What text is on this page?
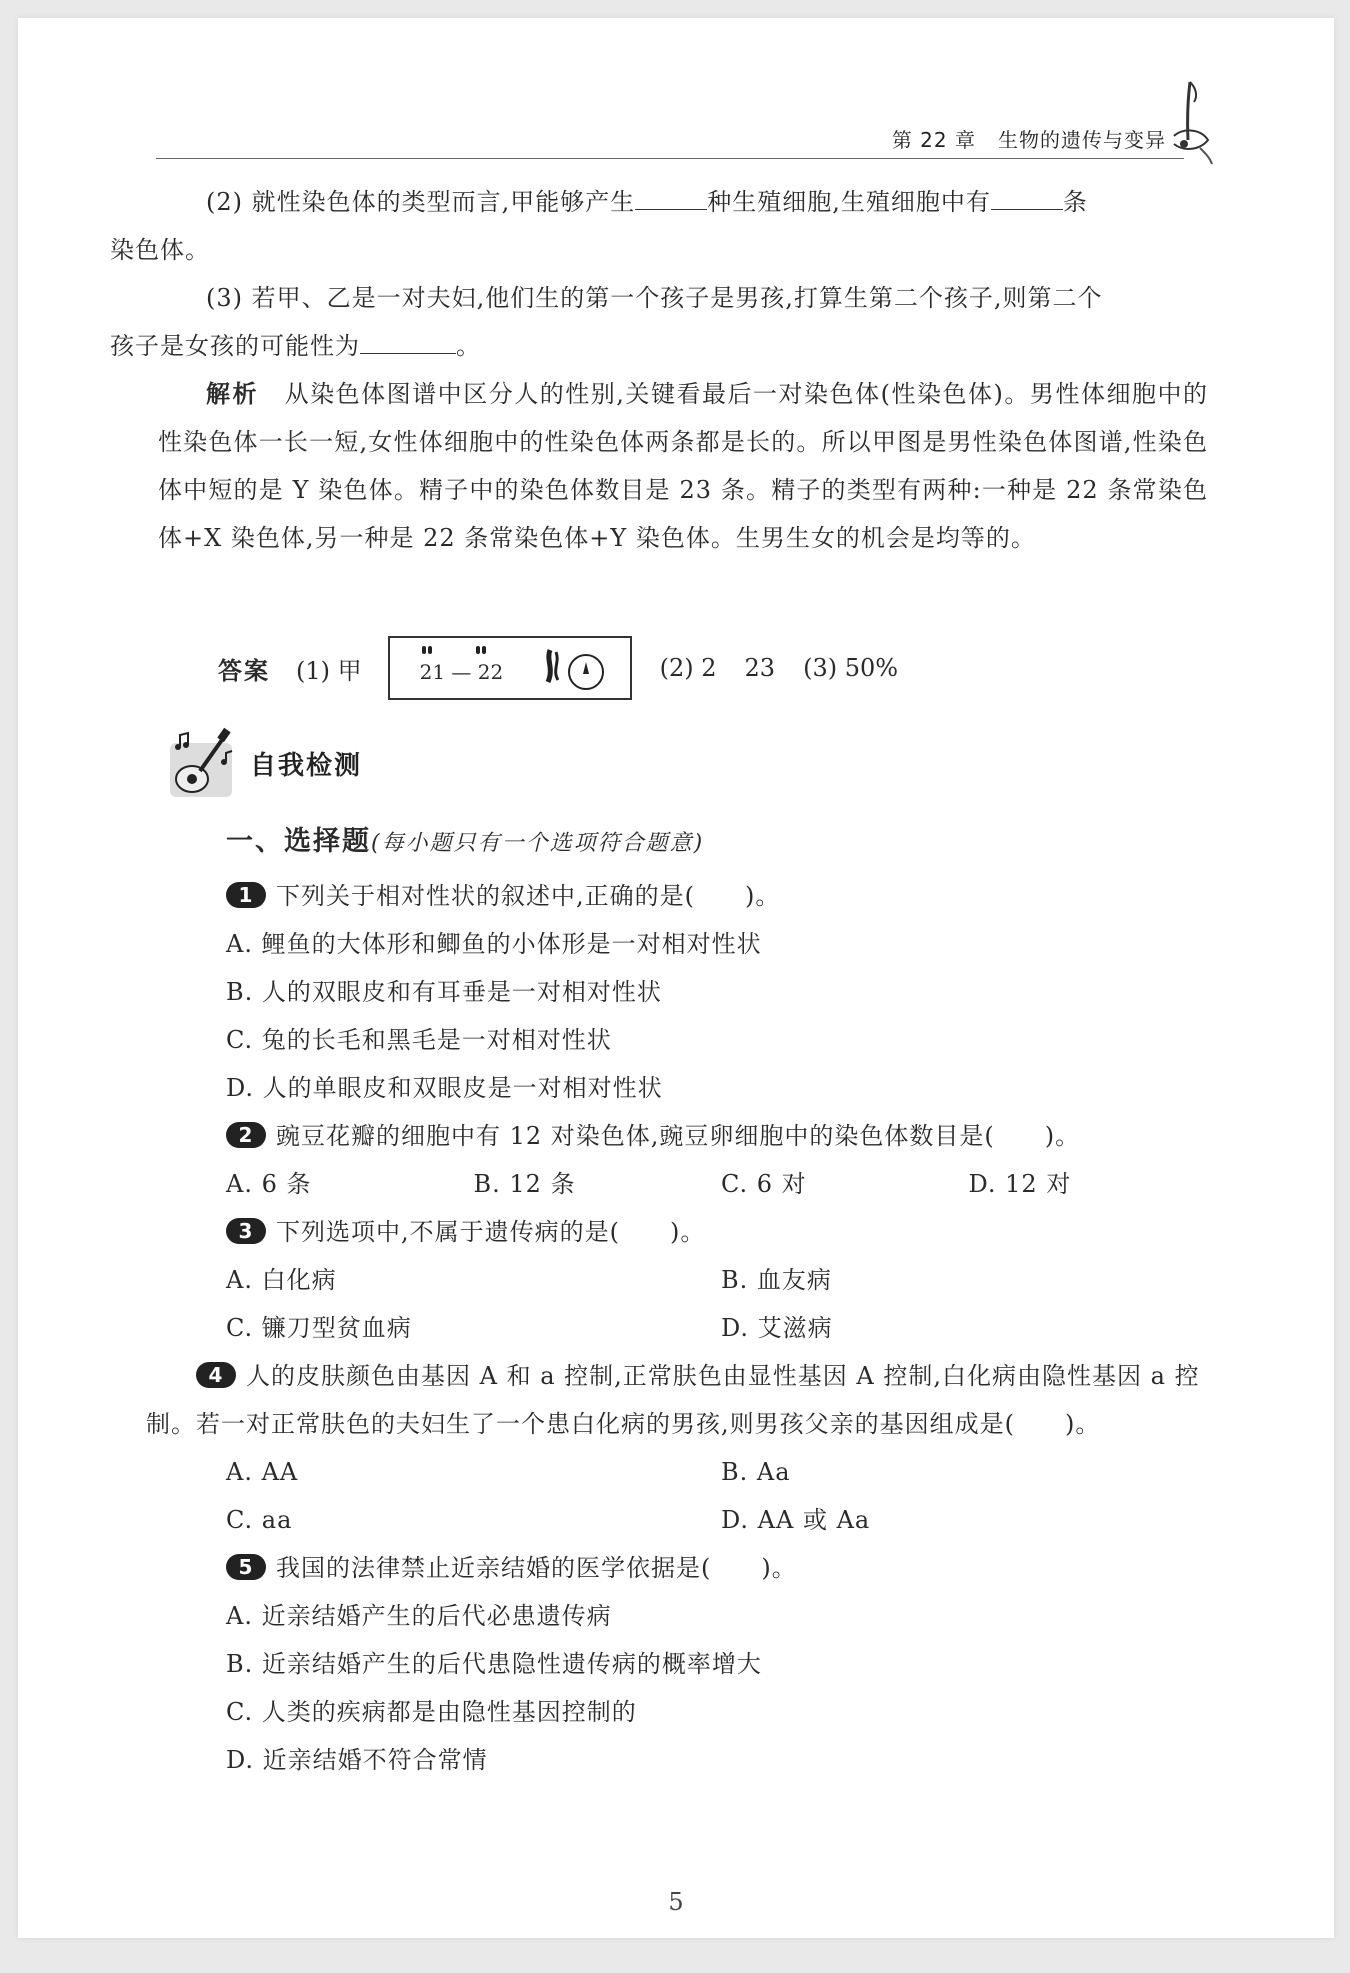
第 22 章 生物的遗传与变异

(2) 就性染色体的类型而言,甲能够产生	种生殖细胞,生殖细胞中有	条
染色体。

(3) 若甲、乙是一对夫妇,他们生的第一个孩子是男孩,打算生第二个孩子,则第二个
孩子是女孩的可能性为	。

解析　 从染色体图谱中区分人的性别,关键看最后一对染色体(性染色体)。男性体细胞中的性染色体一长一短,女性体细胞中的性染色体两条都是长的。所以甲图是男性染色体图谱,性染色体中短的是 Y 染色体。精子中的染色体数目是 23 条。精子的类型有两种:一种是 22 条常染色体+X 染色体,另一种是 22 条常染色体+Y 染色体。生男生女的机会是均等的。

答案 (1) 甲	21 — 22	(2) 2 23 (3) 50%
自我检测

一、选择题(每小题只有一个选项符合题意)

1 下列关于相对性状的叙述中,正确的是(　　)。

A. 鲤鱼的大体形和鲫鱼的小体形是一对相对性状

B. 人的双眼皮和有耳垂是一对相对性状

C. 兔的长毛和黑毛是一对相对性状

D. 人的单眼皮和双眼皮是一对相对性状

2 豌豆花瓣的细胞中有 12 对染色体,豌豆卵细胞中的染色体数目是(　　)。

A. 6 条	B. 12 条	C. 6 对	D. 12 对

3 下列选项中,不属于遗传病的是(　　)。

A. 白化病	B. 血友病
C. 镰刀型贫血病	D. 艾滋病

4 人的皮肤颜色由基因 A 和 a 控制,正常肤色由显性基因 A 控制,白化病由隐性基因 a 控制。若一对正常肤色的夫妇生了一个患白化病的男孩,则男孩父亲的基因组成是(　　)。

A. AA	B. Aa
C. aa	D. AA 或 Aa

5 我国的法律禁止近亲结婚的医学依据是(　　)。

A. 近亲结婚产生的后代必患遗传病

B. 近亲结婚产生的后代患隐性遗传病的概率增大

C. 人类的疾病都是由隐性基因控制的

D. 近亲结婚不符合常情

5
